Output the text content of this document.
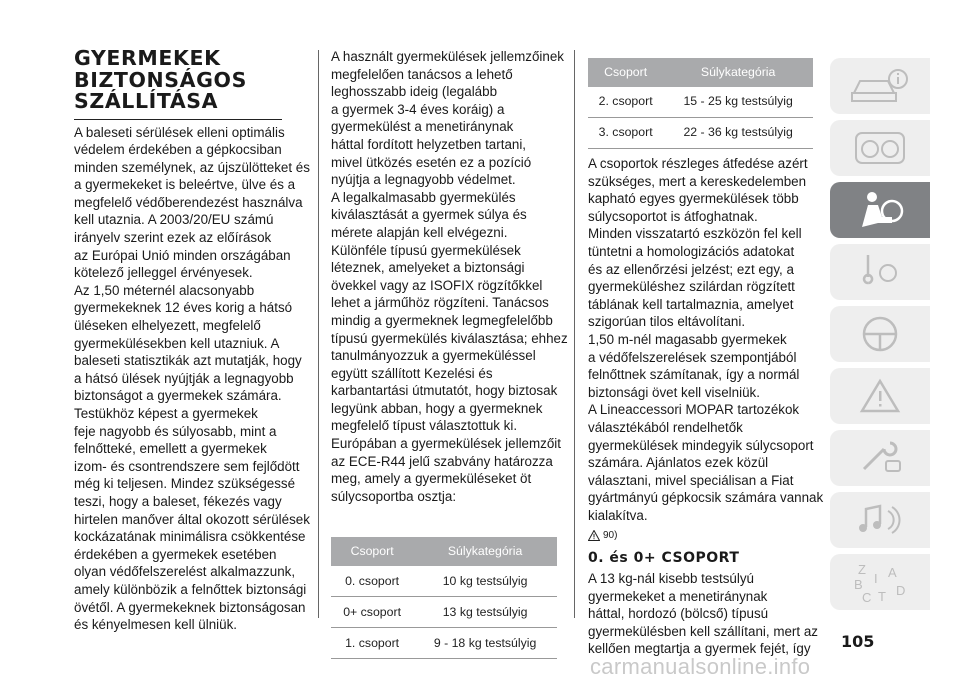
GYERMEKEK
BIZTONSÁGOS
SZÁLLÍTÁSA
A baleseti sérülések elleni optimális
védelem érdekében a gépkocsiban
minden személynek, az újszülötteket és
a gyermekeket is beleértve, ülve és a
megfelelő védőberendezést használva
kell utaznia. A 2003/20/EU számú
irányelv szerint ezek az előírások
az Európai Unió minden országában
kötelező jelleggel érvényesek.
Az 1,50 méternél alacsonyabb
gyermekeknek 12 éves korig a hátsó
üléseken elhelyezett, megfelelő
gyermekülésekben kell utazniuk. A
baleseti statisztikák azt mutatják, hogy
a hátsó ülések nyújtják a legnagyobb
biztonságot a gyermekek számára.
Testükhöz képest a gyermekek
feje nagyobb és súlyosabb, mint a
felnőtteké, emellett a gyermekek
izom- és csontrendszere sem fejlődött
még ki teljesen. Mindez szükségessé
teszi, hogy a baleset, fékezés vagy
hirtelen manőver által okozott sérülések
kockázatának minimálisra csökkentése
érdekében a gyermekek esetében
olyan védőfelszerelést alkalmazzunk,
amely különbözik a felnőttek biztonsági
övétől. A gyermekeknek biztonságosan
és kényelmesen kell ülniük.
A használt gyermekülések jellemzőinek
megfelelően tanácsos a lehető
leghosszabb ideig (legalább
a gyermek 3-4 éves koráig) a
gyermekülést a menetiránynak
háttal fordított helyzetben tartani,
mivel ütközés esetén ez a pozíció
nyújtja a legnagyobb védelmet.
A legalkalmasabb gyermekülés
kiválasztását a gyermek súlya és
mérete alapján kell elvégezni.
Különféle típusú gyermekülések
léteznek, amelyeket a biztonsági
övekkel vagy az ISOFIX rögzítőkkel
lehet a járműhöz rögzíteni. Tanácsos
mindig a gyermeknek legmegfelelőbb
típusú gyermekülés kiválasztása; ehhez
tanulmányozzuk a gyermeküléssel
együtt szállított Kezelési és
karbantartási útmutatót, hogy biztosak
legyünk abban, hogy a gyermeknek
megfelelő típust választottuk ki.
Európában a gyermekülések jellemzőit
az ECE-R44 jelű szabvány határozza
meg, amely a gyermeküléseket öt
súlycsoportba osztja:
Csoport	Súlykategória
0. csoport	10 kg testsúlyig
0+ csoport	13 kg testsúlyig
1. csoport	9 - 18 kg testsúlyig
Csoport	Súlykategória
2. csoport	15 - 25 kg testsúlyig
3. csoport	22 - 36 kg testsúlyig
A csoportok részleges átfedése azért
szükséges, mert a kereskedelemben
kapható egyes gyermekülések több
súlycsoportot is átfoghatnak.
Minden visszatartó eszközön fel kell
tüntetni a homologizációs adatokat
és az ellenőrzési jelzést; ezt egy, a
gyermeküléshez szilárdan rögzített
táblának kell tartalmaznia, amelyet
szigorúan tilos eltávolítani.
1,50 m-nél magasabb gyermekek
a védőfelszerelések szempontjából
felnőttnek számítanak, így a normál
biztonsági övet kell viselniük.
A Lineaccessori MOPAR tartozékok
választékából rendelhetők
gyermekülések mindegyik súlycsoport
számára. Ajánlatos ezek közül
választani, mivel speciálisan a Fiat
gyártmányú gépkocsik számára vannak
kialakítva.
90)
0. és 0+ CSOPORT
A 13 kg-nál kisebb testsúlyú
gyermekeket a menetiránynak
háttal, hordozó (bölcső) típusú
gyermekülésben kell szállítani, mert az
kellően megtartja a gyermek fejét, így
Z
B I A
C T D
105
carmanualsonline.info
